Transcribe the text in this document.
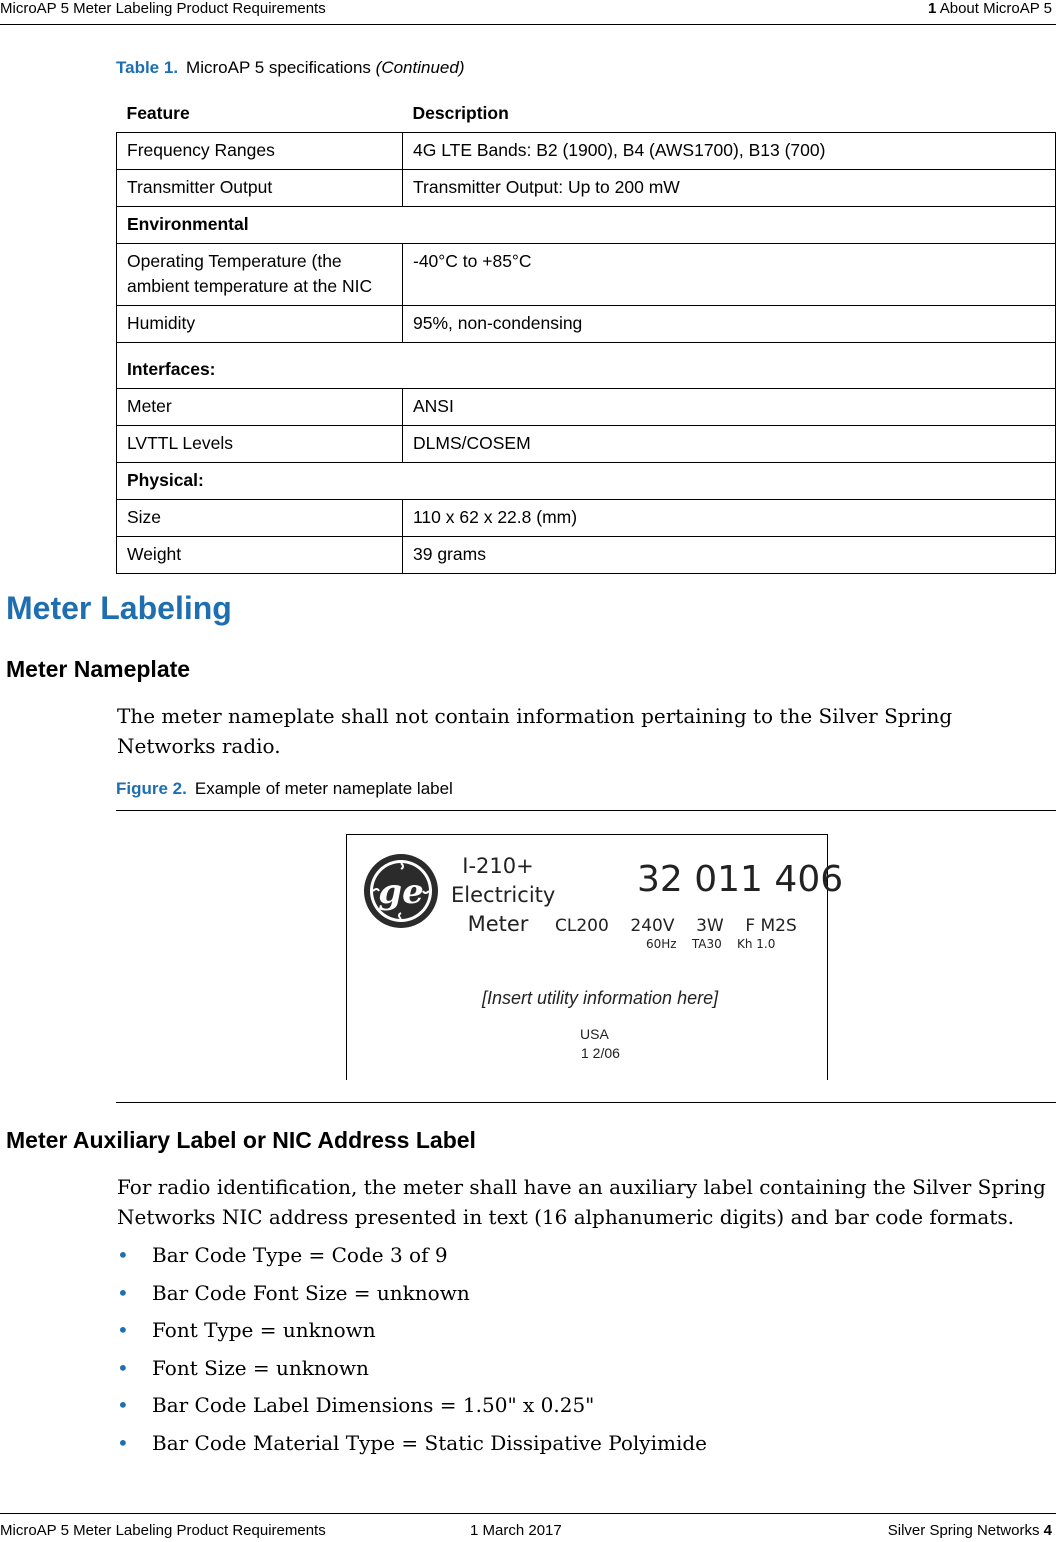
MicroAP 5 Meter Labeling Product Requirements	1 About MicroAP 5
Table 1. MicroAP 5 specifications (Continued)
Feature	Description
Frequency Ranges	4G LTE Bands: B2 (1900), B4 (AWS1700), B13 (700)
Transmitter Output	Transmitter Output: Up to 200 mW
Environmental	
Operating Temperature (the ambient temperature at the NIC	-40°C to +85°C
Humidity	95%, non-condensing
Interfaces:	
Meter	ANSI
LVTTL Levels	DLMS/COSEM
Physical:	
Size	110 x 62 x 22.8 (mm)
Weight	39 grams
Meter Labeling
Meter Nameplate
The meter nameplate shall not contain information pertaining to the Silver Spring Networks radio.
Figure 2. Example of meter nameplate label
ge
I-210+
Electricity
Meter
32 011 406
CL200    240V    3W    F M2S
60Hz    TA30    Kh 1.0
[Insert utility information here]
USA
1 2/06
Meter Auxiliary Label or NIC Address Label
For radio identification, the meter shall have an auxiliary label containing the Silver Spring Networks NIC address presented in text (16 alphanumeric digits) and bar code formats.
• Bar Code Type = Code 3 of 9
• Bar Code Font Size = unknown
• Font Type = unknown
• Font Size = unknown
• Bar Code Label Dimensions = 1.50" x 0.25"
• Bar Code Material Type = Static Dissipative Polyimide
MicroAP 5 Meter Labeling Product Requirements	1 March 2017	Silver Spring Networks 4
